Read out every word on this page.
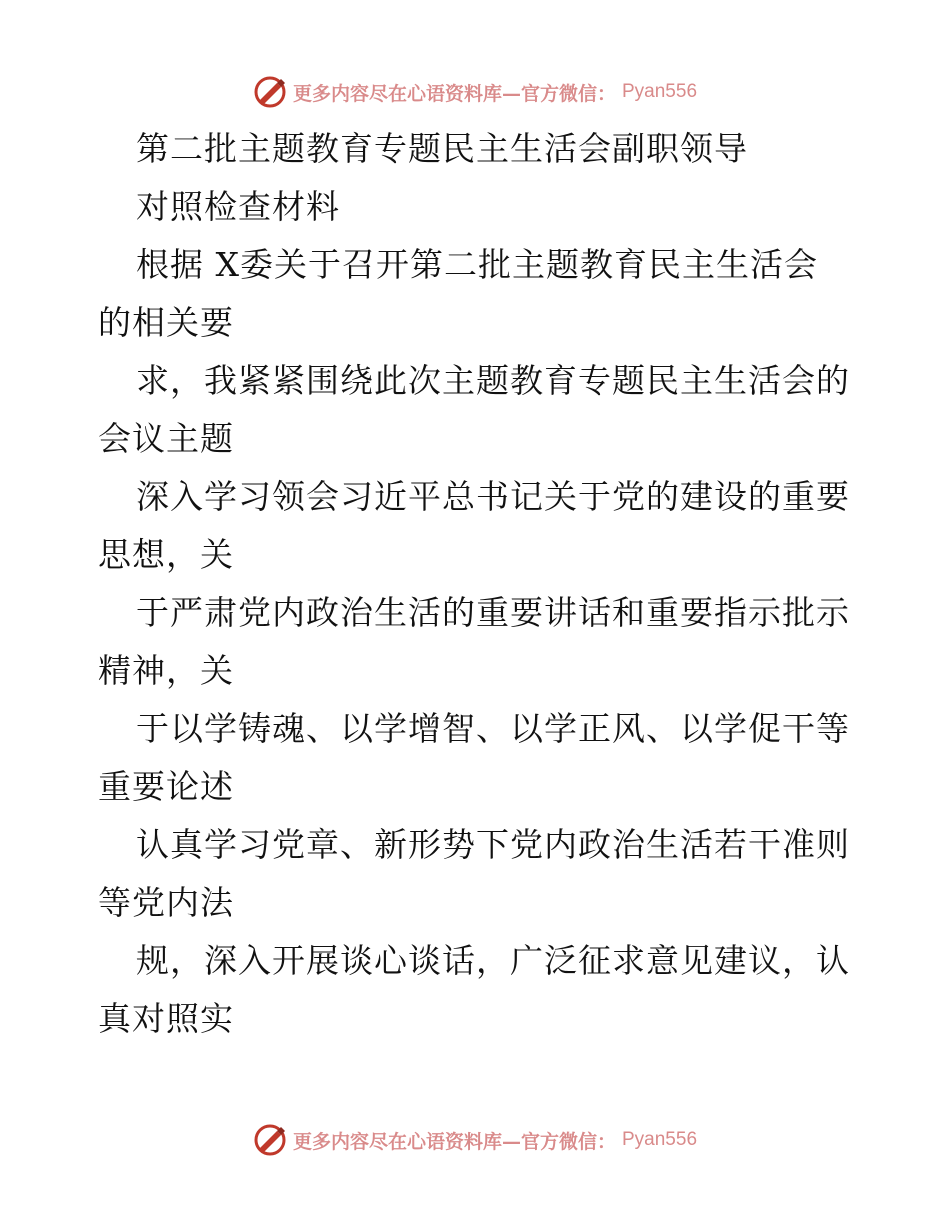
更多内容尽在心语资料库—官方微信： Pyan556
第二批主题教育专题民主生活会副职领导
对照检查材料
根据 X委关于召开第二批主题教育民主生活会
的相关要
求，我紧紧围绕此次主题教育专题民主生活会的
会议主题
深入学习领会习近平总书记关于党的建设的重要
思想，关
于严肃党内政治生活的重要讲话和重要指示批示
精神，关
于以学铸魂、以学增智、以学正风、以学促干等
重要论述
认真学习党章、新形势下党内政治生活若干准则
等党内法
规，深入开展谈心谈话，广泛征求意见建议，认
真对照实
更多内容尽在心语资料库—官方微信： Pyan556
